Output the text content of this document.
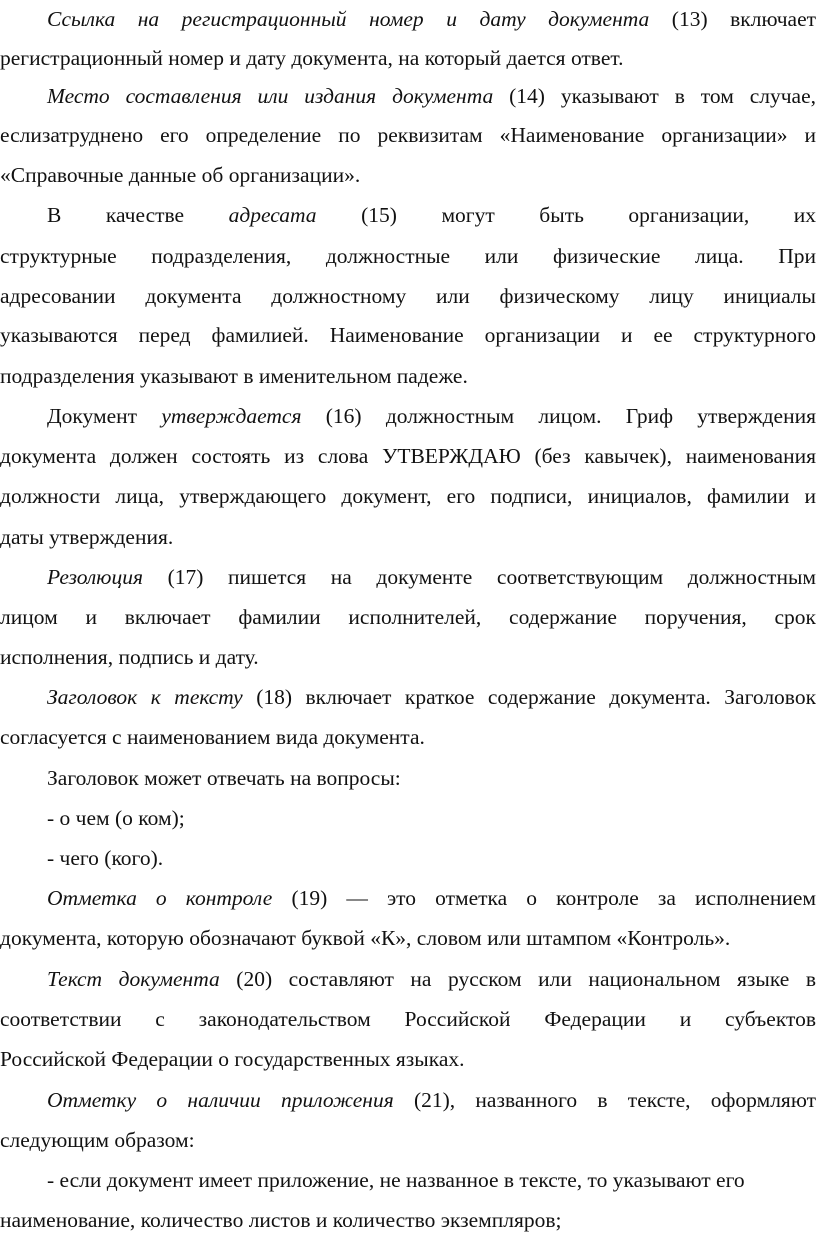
Ссылка на регистрационный номер и дату документа (13) включает
регистрационный номер и дату документа, на который дается ответ.
Место составления или издания документа (14) указывают в том случае,
еслизатруднено его определение по реквизитам «Наименование организации» и
«Справочные данные об организации».
В качестве адресата (15) могут быть организации, их
структурные подразделения, должностные или физические лица. При
адресовании документа должностному или физическому лицу инициалы
указываются перед фамилией. Наименование организации и ее структурного
подразделения указывают в именительном падеже.
Документ утверждается (16) должностным лицом. Гриф утверждения
документа должен состоять из слова УТВЕРЖДАЮ (без кавычек), наименования
должности лица, утверждающего документ, его подписи, инициалов, фамилии и
даты утверждения.
Резолюция (17) пишется на документе соответствующим должностным
лицом и включает фамилии исполнителей, содержание поручения, срок
исполнения, подпись и дату.
Заголовок к тексту (18) включает краткое содержание документа. Заголовок
согласуется с наименованием вида документа.
Заголовок может отвечать на вопросы:
- о чем (о ком);
- чего (кого).
Отметка о контроле (19) — это отметка о контроле за исполнением
документа, которую обозначают буквой «К», словом или штампом «Контроль».
Текст документа (20) составляют на русском или национальном языке в
соответствии с законодательством Российской Федерации и субъектов
Российской Федерации о государственных языках.
Отметку о наличии приложения (21), названного в тексте, оформляют
следующим образом:
- если документ имеет приложение, не названное в тексте, то указывают его
наименование, количество листов и количество экземпляров;
